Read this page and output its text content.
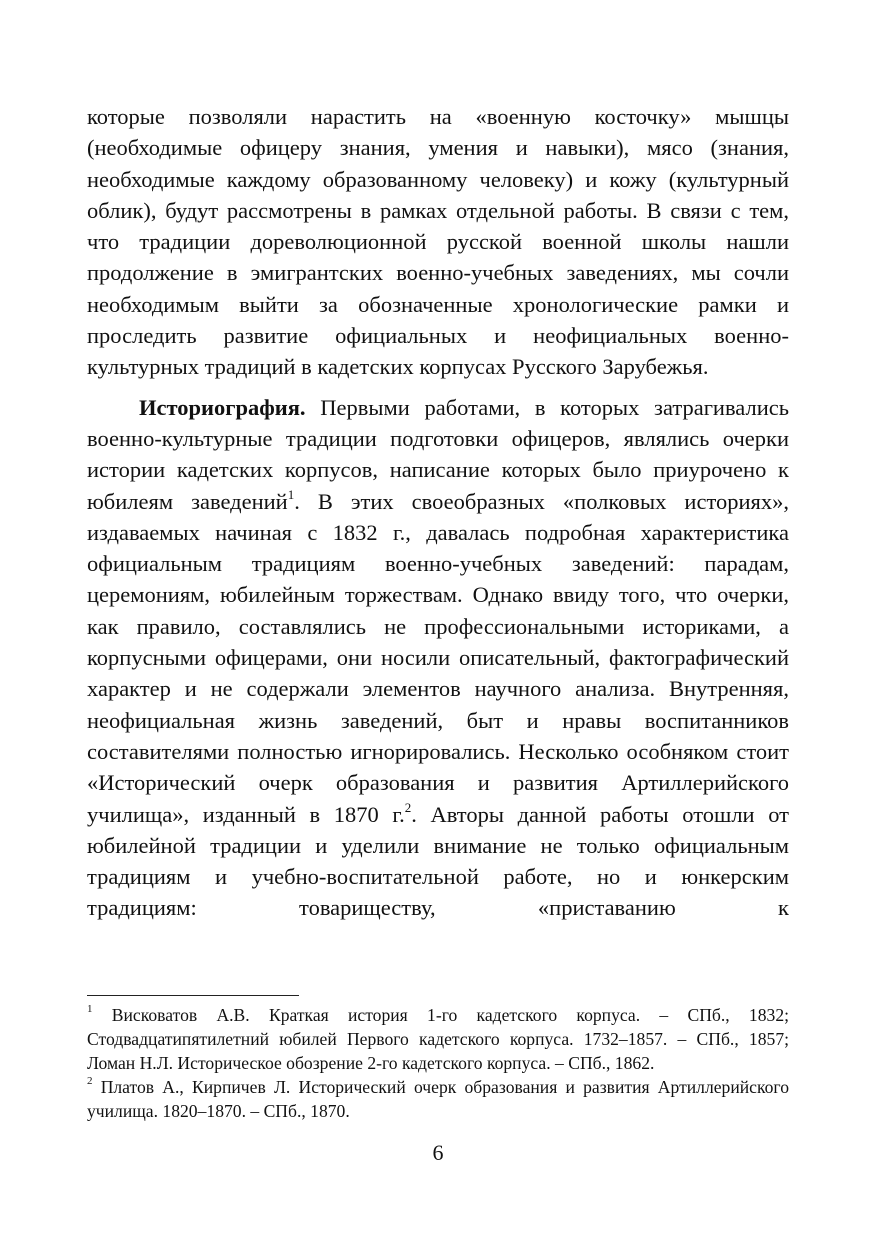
которые позволяли нарастить на «военную косточку» мышцы (необходимые офицеру знания, умения и навыки), мясо (знания, необходимые каждому образованному человеку) и кожу (культурный облик), будут рассмотрены в рамках отдельной работы. В связи с тем, что традиции дореволюционной русской военной школы нашли продолжение в эмигрантских военно-учебных заведениях, мы сочли необходимым выйти за обозначенные хронологические рамки и проследить развитие официальных и неофициальных военно-культурных традиций в кадетских корпусах Русского Зарубежья.

Историография. Первыми работами, в которых затрагивались военно-культурные традиции подготовки офицеров, являлись очерки истории кадетских корпусов, написание которых было приурочено к юбилеям заведений$^1$. В этих своеобразных «полковых историях», издаваемых начиная с 1832 г., давалась подробная характеристика официальным традициям военно-учебных заведений: парадам, церемониям, юбилейным торжествам. Однако ввиду того, что очерки, как правило, составлялись не профессиональными историками, а корпусными офицерами, они носили описательный, фактографический характер и не содержали элементов научного анализа. Внутренняя, неофициальная жизнь заведений, быт и нравы воспитанников составителями полностью игнорировались. Несколько особняком стоит «Исторический очерк образования и развития Артиллерийского училища», изданный в 1870 г.$^2$. Авторы данной работы отошли от юбилейной традиции и уделили внимание не только официальным традициям и учебно-воспитательной работе, но и юнкерским традициям: товариществу, «приставанию к

$^1$ Висковатов А.В. Краткая история 1-го кадетского корпуса. – СПб., 1832; Стодвадцатипятилетний юбилей Первого кадетского корпуса. 1732–1857. – СПб., 1857; Ломан Н.Л. Историческое обозрение 2-го кадетского корпуса. – СПб., 1862.

$^2$ Платов А., Кирпичев Л. Исторический очерк образования и развития Артиллерийского училища. 1820–1870. – СПб., 1870.

6
